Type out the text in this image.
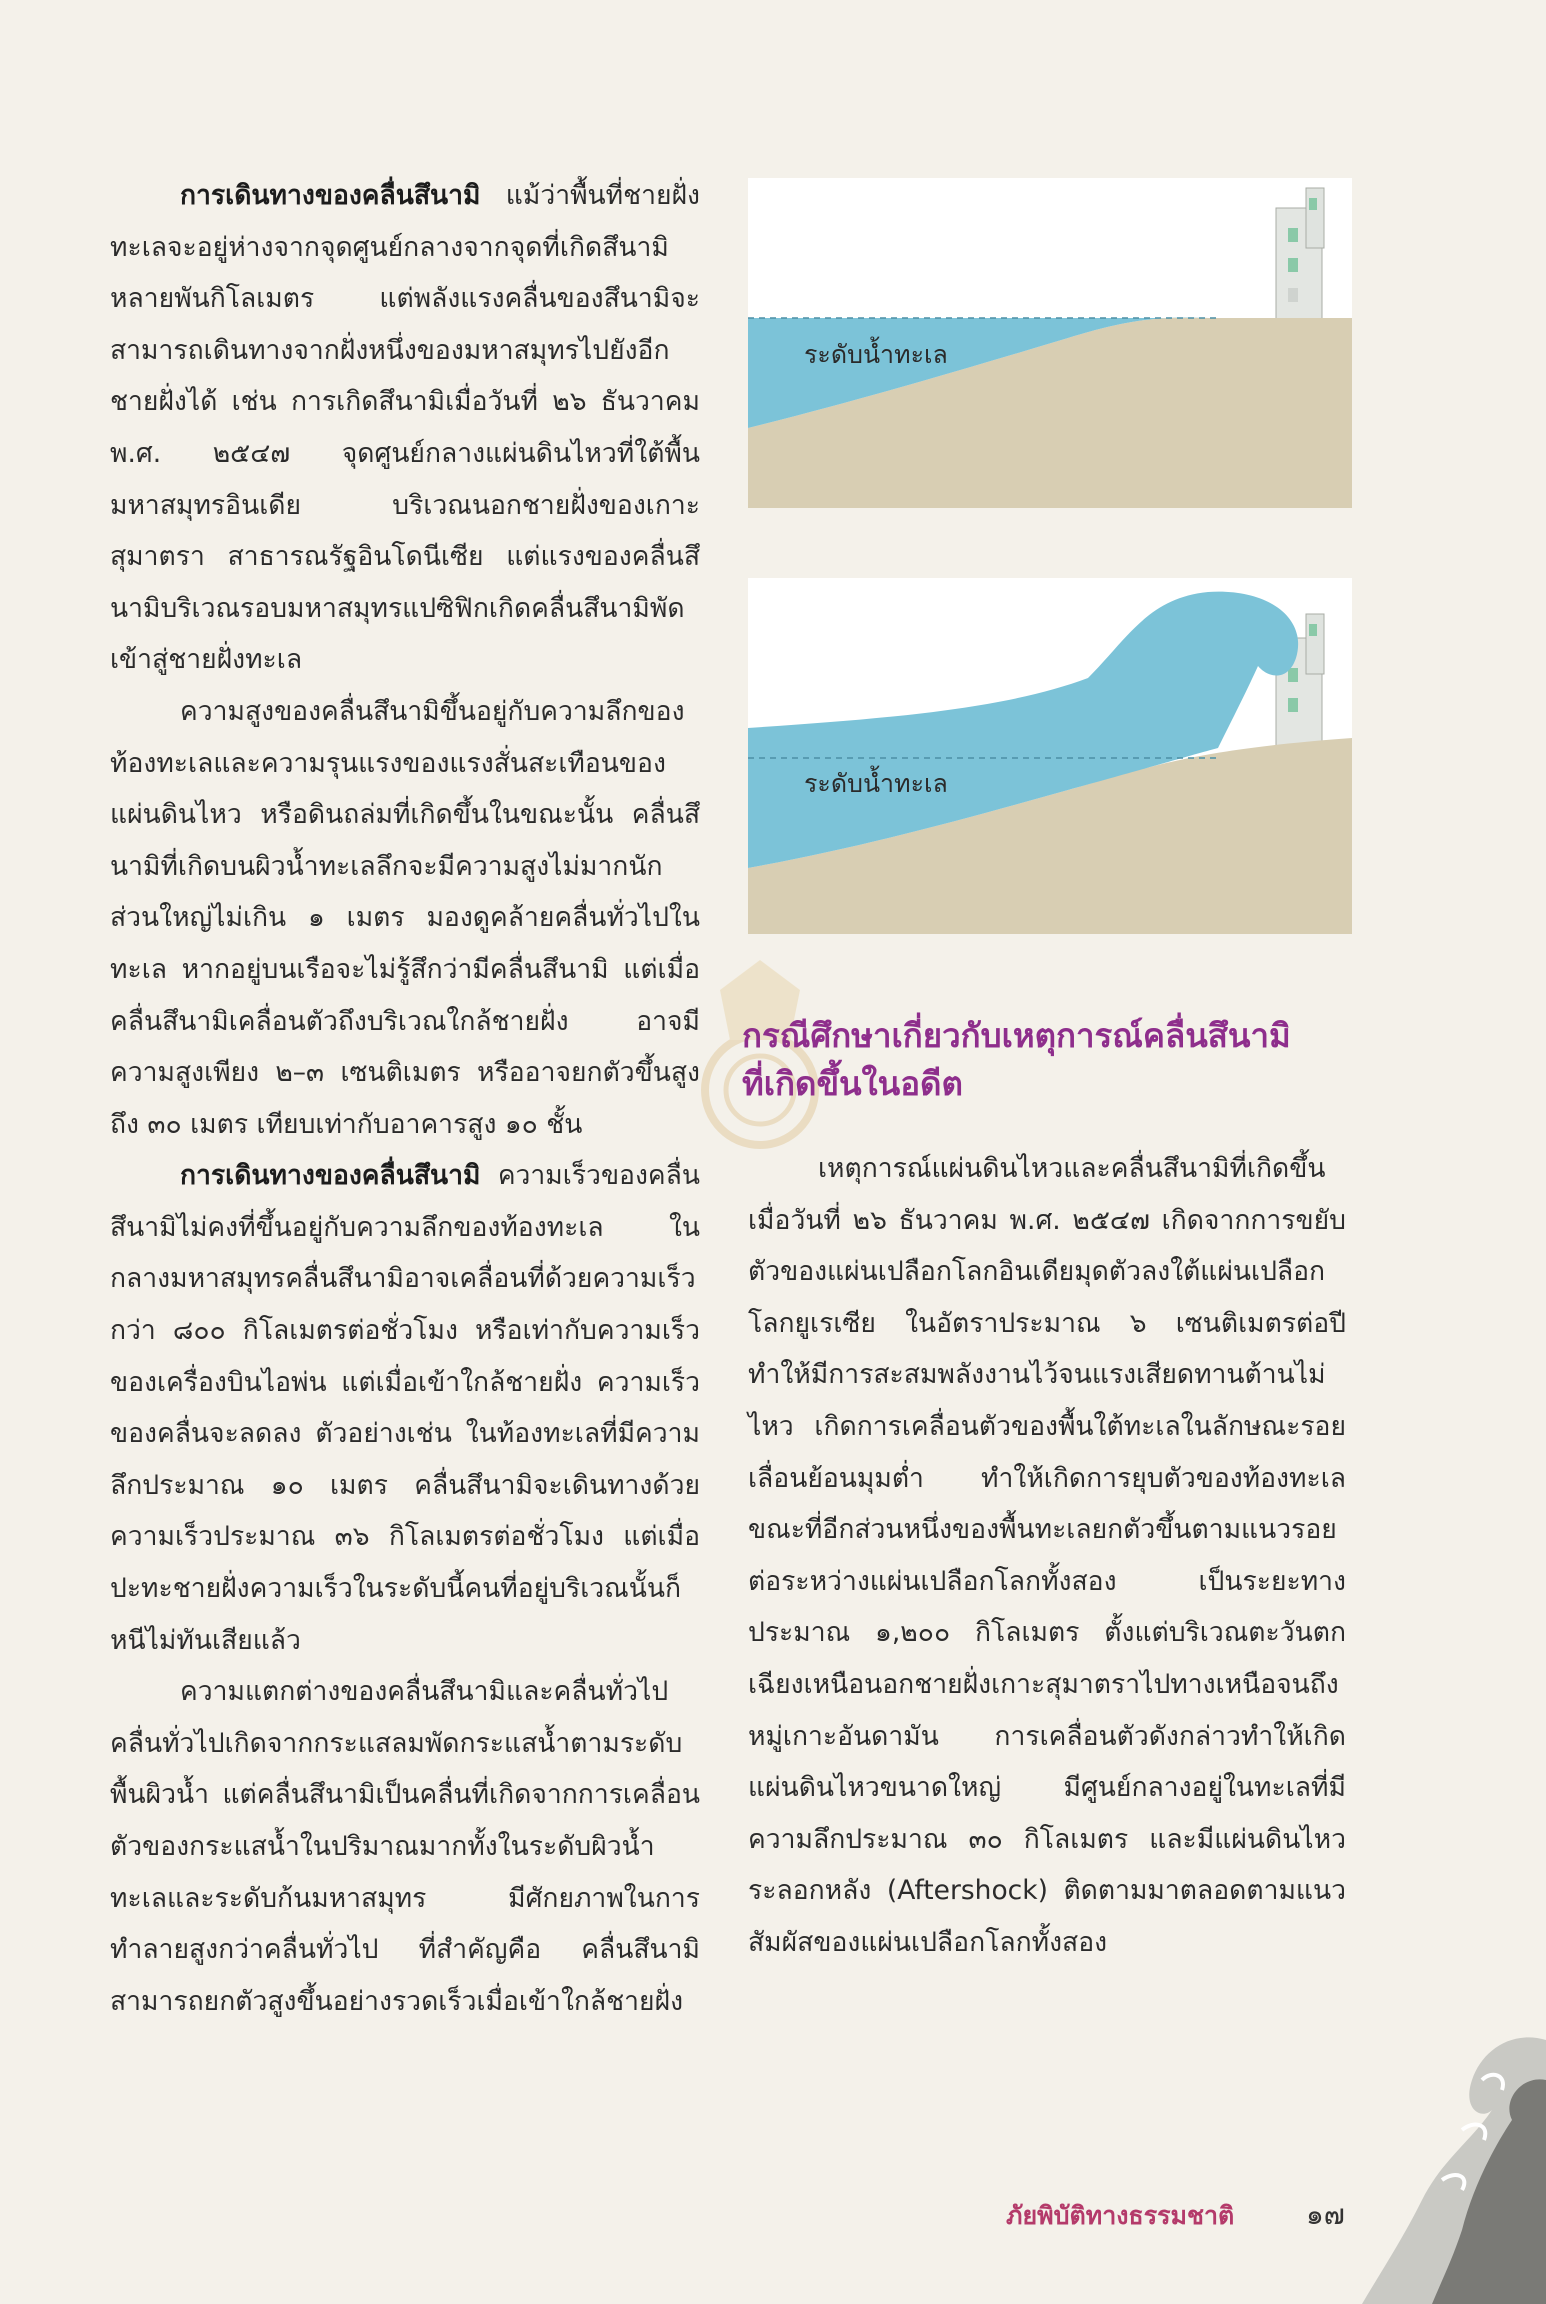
การเดินทางของคลื่นสึนามิ แม้ว่าพื้นที่ชายฝั่งทะเลจะอยู่ห่างจากจุดศูนย์กลางจากจุดที่เกิดสึนามิหลายพันกิโลเมตร แต่พลังแรงคลื่นของสึนามิจะสามารถเดินทางจากฝั่งหนึ่งของมหาสมุทรไปยังอีกชายฝั่งได้ เช่น การเกิดสึนามิเมื่อวันที่ ๒๖ ธันวาคม พ.ศ. ๒๕๔๗ จุดศูนย์กลางแผ่นดินไหวที่ใต้พื้นมหาสมุทรอินเดีย บริเวณนอกชายฝั่งของเกาะสุมาตรา สาธารณรัฐอินโดนีเซีย แต่แรงของคลื่นสึนามิบริเวณรอบมหาสมุทรแปซิฟิกเกิดคลื่นสึนามิพัดเข้าสู่ชายฝั่งทะเล

ความสูงของคลื่นสึนามิขึ้นอยู่กับความลึกของท้องทะเลและความรุนแรงของแรงสั่นสะเทือนของแผ่นดินไหว หรือดินถล่มที่เกิดขึ้นในขณะนั้น คลื่นสึนามิที่เกิดบนผิวน้ำทะเลลึกจะมีความสูงไม่มากนัก ส่วนใหญ่ไม่เกิน ๑ เมตร มองดูคล้ายคลื่นทั่วไปในทะเล หากอยู่บนเรือจะไม่รู้สึกว่ามีคลื่นสึนามิ แต่เมื่อคลื่นสึนามิเคลื่อนตัวถึงบริเวณใกล้ชายฝั่ง อาจมีความสูงเพียง ๒–๓ เซนติเมตร หรืออาจยกตัวขึ้นสูงถึง ๓๐ เมตร เทียบเท่ากับอาคารสูง ๑๐ ชั้น

การเดินทางของคลื่นสึนามิ ความเร็วของคลื่นสึนามิไม่คงที่ขึ้นอยู่กับความลึกของท้องทะเล ในกลางมหาสมุทรคลื่นสึนามิอาจเคลื่อนที่ด้วยความเร็วกว่า ๘๐๐ กิโลเมตรต่อชั่วโมง หรือเท่ากับความเร็วของเครื่องบินไอพ่น แต่เมื่อเข้าใกล้ชายฝั่ง ความเร็วของคลื่นจะลดลง ตัวอย่างเช่น ในท้องทะเลที่มีความลึกประมาณ ๑๐ เมตร คลื่นสึนามิจะเดินทางด้วยความเร็วประมาณ ๓๖ กิโลเมตรต่อชั่วโมง แต่เมื่อปะทะชายฝั่งความเร็วในระดับนี้คนที่อยู่บริเวณนั้นก็หนีไม่ทันเสียแล้ว

ความแตกต่างของคลื่นสึนามิและคลื่นทั่วไป คลื่นทั่วไปเกิดจากกระแสลมพัดกระแสน้ำตามระดับพื้นผิวน้ำ แต่คลื่นสึนามิเป็นคลื่นที่เกิดจากการเคลื่อนตัวของกระแสน้ำในปริมาณมากทั้งในระดับผิวน้ำทะเลและระดับก้นมหาสมุทร มีศักยภาพในการทำลายสูงกว่าคลื่นทั่วไป ที่สำคัญคือ คลื่นสึนามิสามารถยกตัวสูงขึ้นอย่างรวดเร็วเมื่อเข้าใกล้ชายฝั่ง

ระดับน้ำทะเล
ระดับน้ำทะเล
กรณีศึกษาเกี่ยวกับเหตุการณ์คลื่นสึนามิ
ที่เกิดขึ้นในอดีต

เหตุการณ์แผ่นดินไหวและคลื่นสึนามิที่เกิดขึ้นเมื่อวันที่ ๒๖ ธันวาคม พ.ศ. ๒๕๔๗ เกิดจากการขยับตัวของแผ่นเปลือกโลกอินเดียมุดตัวลงใต้แผ่นเปลือกโลกยูเรเซีย ในอัตราประมาณ ๖ เซนติเมตรต่อปี ทำให้มีการสะสมพลังงานไว้จนแรงเสียดทานต้านไม่ไหว เกิดการเคลื่อนตัวของพื้นใต้ทะเลในลักษณะรอยเลื่อนย้อนมุมต่ำ ทำให้เกิดการยุบตัวของท้องทะเล ขณะที่อีกส่วนหนึ่งของพื้นทะเลยกตัวขึ้นตามแนวรอยต่อระหว่างแผ่นเปลือกโลกทั้งสอง เป็นระยะทางประมาณ ๑,๒๐๐ กิโลเมตร ตั้งแต่บริเวณตะวันตกเฉียงเหนือนอกชายฝั่งเกาะสุมาตราไปทางเหนือจนถึงหมู่เกาะอันดามัน การเคลื่อนตัวดังกล่าวทำให้เกิดแผ่นดินไหวขนาดใหญ่ มีศูนย์กลางอยู่ในทะเลที่มีความลึกประมาณ ๓๐ กิโลเมตร และมีแผ่นดินไหวระลอกหลัง (Aftershock) ติดตามมาตลอดตามแนวสัมผัสของแผ่นเปลือกโลกทั้งสอง

ภัยพิบัติทางธรรมชาติ	๑๗
